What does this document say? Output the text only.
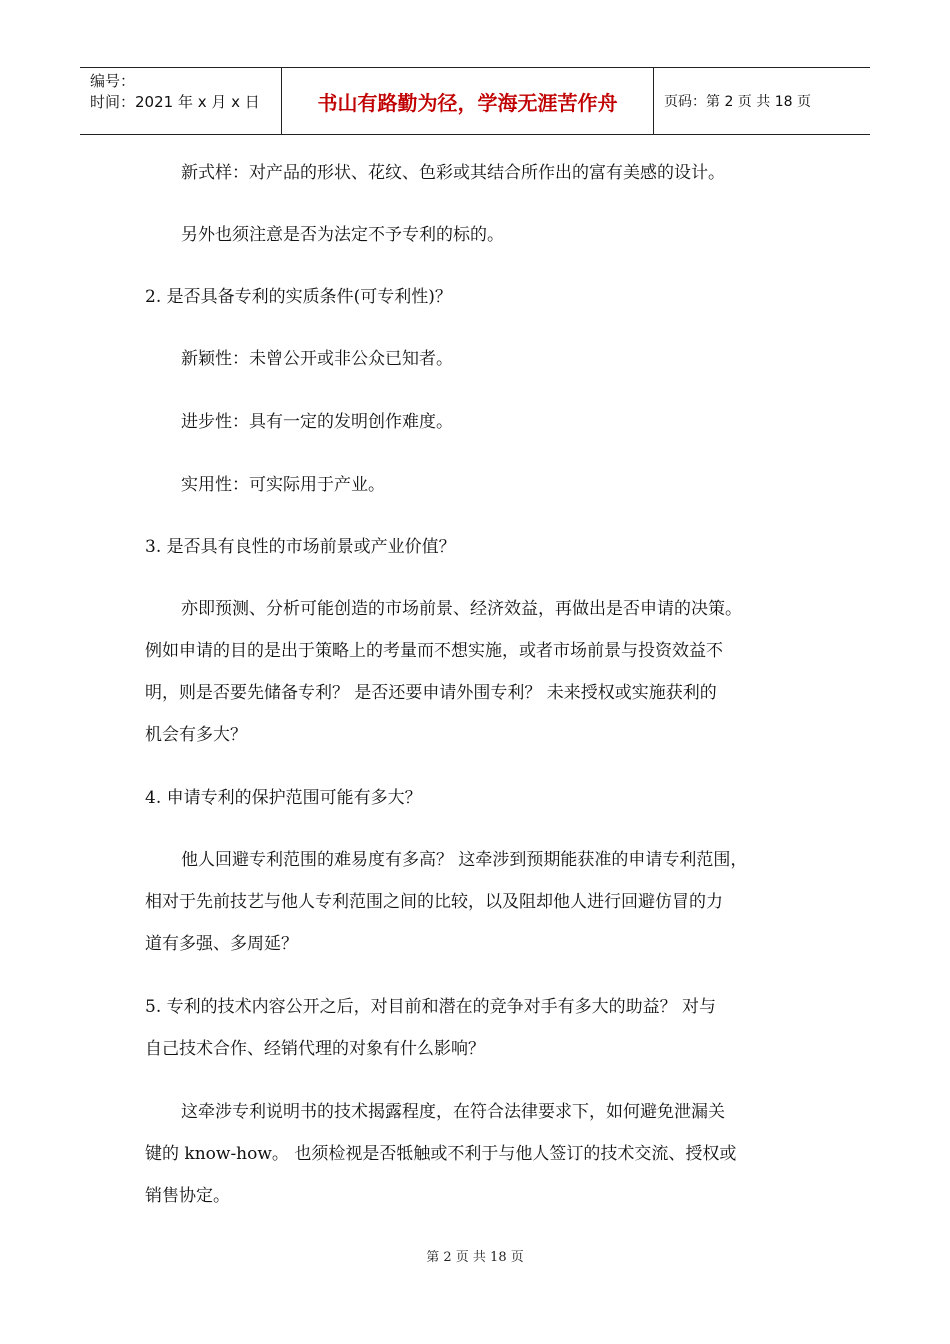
编号：
时间：2021 年 x 月 x 日	书山有路勤为径，学海无涯苦作舟	页码：第 2 页 共 18 页
新式样：对产品的形状、花纹、色彩或其结合所作出的富有美感的设计。
另外也须注意是否为法定不予专利的标的。
2. 是否具备专利的实质条件(可专利性)？
新颖性：未曾公开或非公众已知者。
进步性：具有一定的发明创作难度。
实用性：可实际用于产业。
3. 是否具有良性的市场前景或产业价值？
亦即预测、分析可能创造的市场前景、经济效益，再做出是否申请的决策。
例如申请的目的是出于策略上的考量而不想实施，或者市场前景与投资效益不
明，则是否要先储备专利？ 是否还要申请外围专利？ 未来授权或实施获利的
机会有多大？
4. 申请专利的保护范围可能有多大？
他人回避专利范围的难易度有多高？ 这牵涉到预期能获准的申请专利范围，
相对于先前技艺与他人专利范围之间的比较，以及阻却他人进行回避仿冒的力
道有多强、多周延？
5. 专利的技术内容公开之后，对目前和潜在的竞争对手有多大的助益？ 对与
自己技术合作、经销代理的对象有什么影响？
这牵涉专利说明书的技术揭露程度，在符合法律要求下，如何避免泄漏关
键的 know-how。 也须检视是否牴触或不利于与他人签订的技术交流、授权或
销售协定。
第 2 页 共 18 页
